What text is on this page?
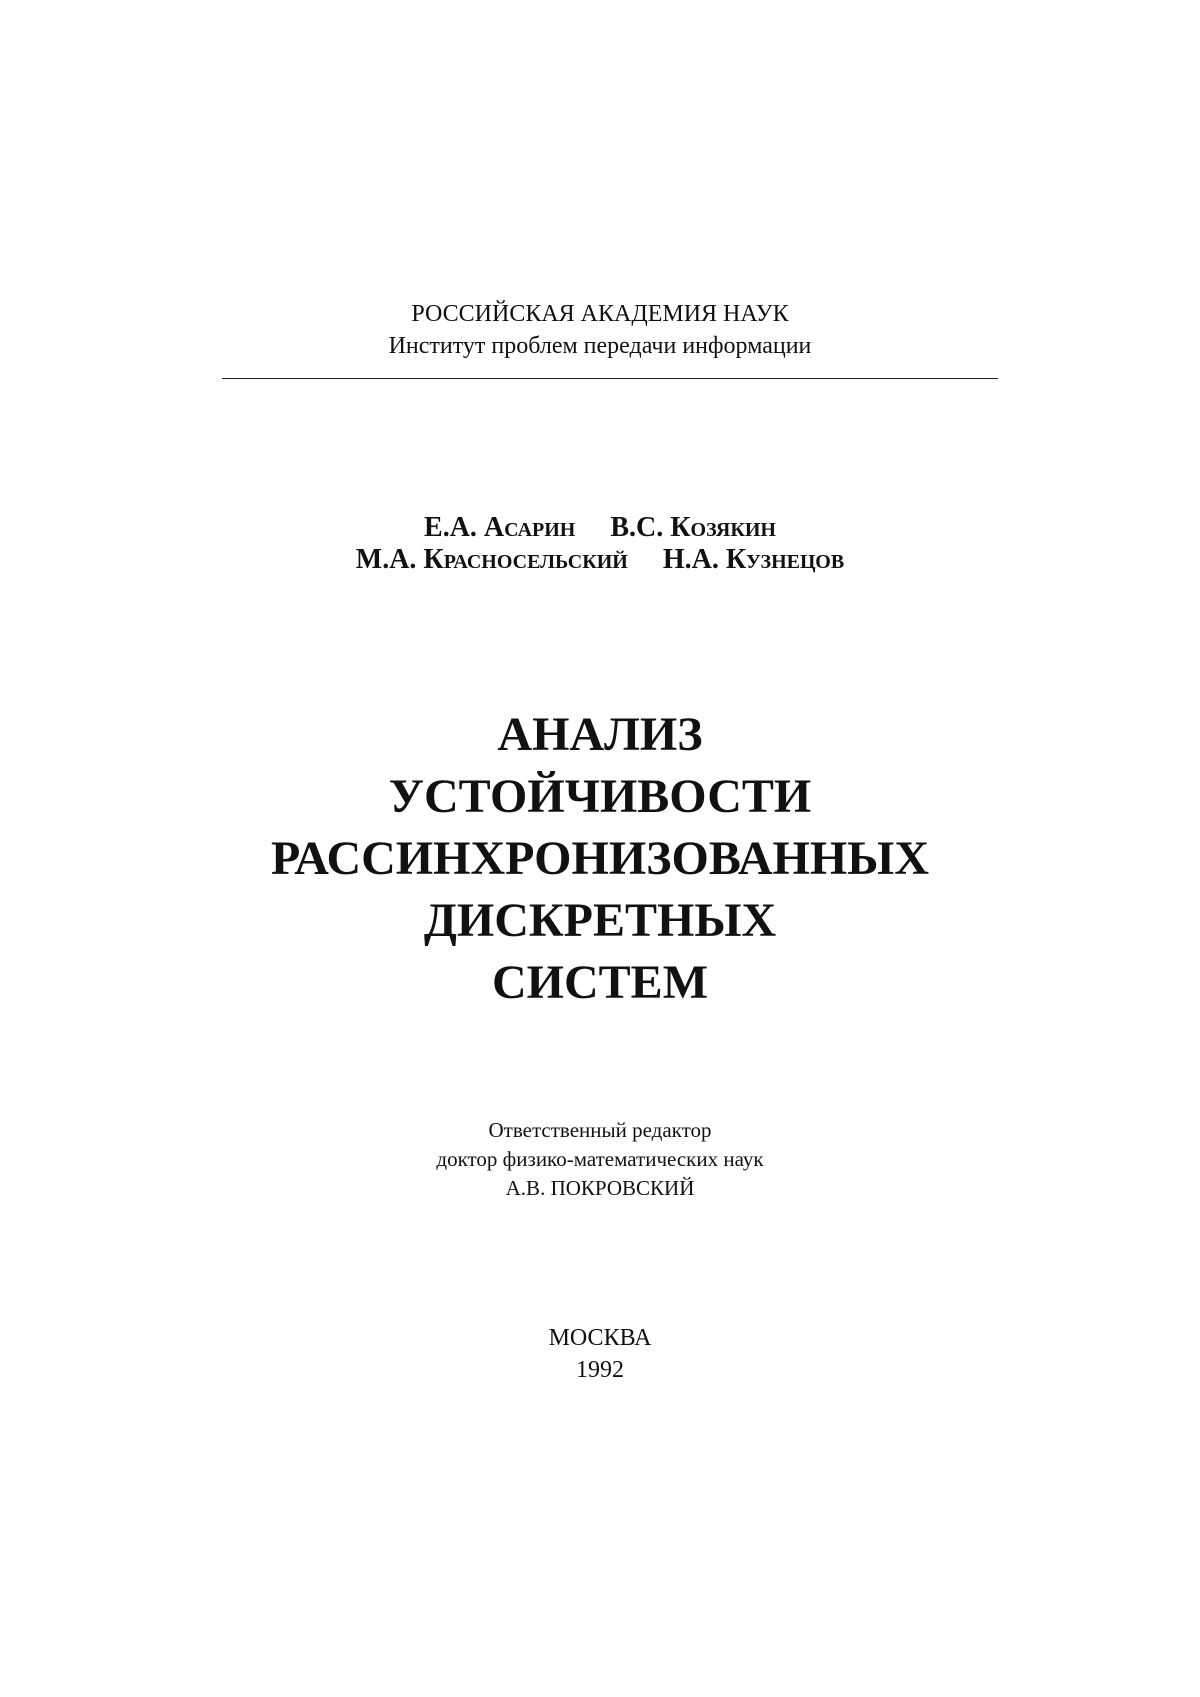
РОССИЙСКАЯ АКАДЕМИЯ НАУК
Институт проблем передачи информации
Е.А. Асарин В.С. Козякин
М.А. Красносельский Н.А. Кузнецов
АНАЛИЗ
УСТОЙЧИВОСТИ
РАССИНХРОНИЗОВАННЫХ
ДИСКРЕТНЫХ
СИСТЕМ
Ответственный редактор
доктор физико-математических наук
А.В. ПОКРОВСКИЙ
МОСКВА
1992
